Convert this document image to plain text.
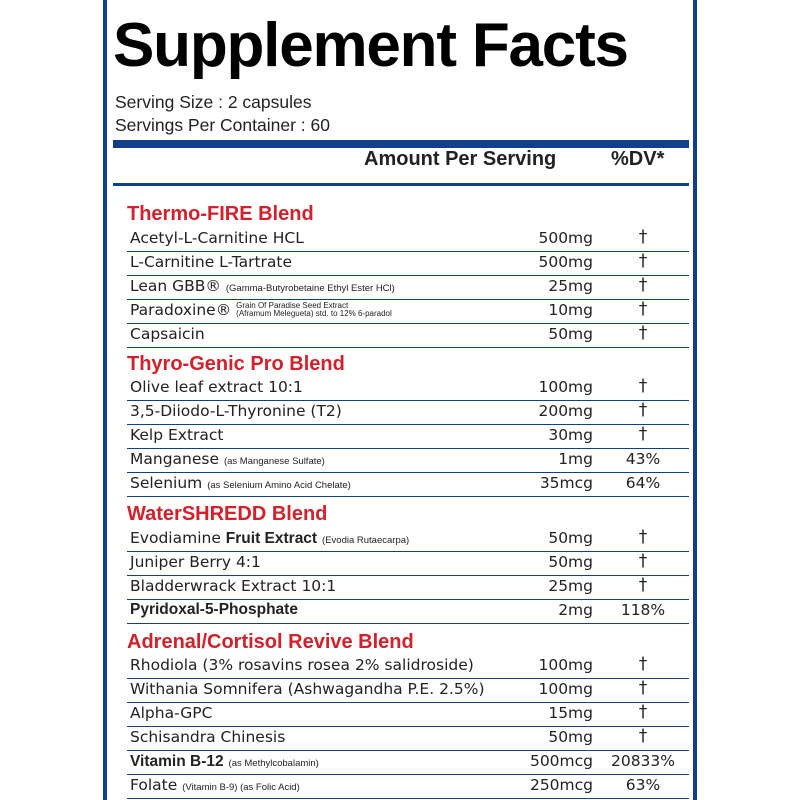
Supplement Facts
Serving Size : 2 capsules
Servings Per Container : 60
Amount Per Serving	%DV*
Thermo-FIRE Blend
Acetyl-L-Carnitine HCL	500mg	†
L-Carnitine L-Tartrate	500mg	†
Lean GBB® (Gamma-Butyrobetaine Ethyl Ester HCl)	25mg	†
Paradoxine® Grain Of Paradise Seed Extract
(Aframum Melegueta) std. to 12% 6-paradol	10mg	†
Capsaicin	50mg	†
Thyro-Genic Pro Blend
Olive leaf extract 10:1	100mg	†
3,5-Diiodo-L-Thyronine (T2)	200mg	†
Kelp Extract	30mg	†
Manganese (as Manganese Sulfate)	1mg	43%
Selenium (as Selenium Amino Acid Chelate)	35mcg	64%
WaterSHREDD Blend
Evodiamine Fruit Extract (Evodia Rutaecarpa)	50mg	†
Juniper Berry 4:1	50mg	†
Bladderwrack Extract 10:1	25mg	†
Pyridoxal-5-Phosphate	2mg	118%
Adrenal/Cortisol Revive Blend
Rhodiola (3% rosavins rosea 2% salidroside)	100mg	†
Withania Somnifera (Ashwagandha P.E. 2.5%)	100mg	†
Alpha-GPC	15mg	†
Schisandra Chinesis	50mg	†
Vitamin B-12 (as Methylcobalamin)	500mcg	20833%
Folate (Vitamin B-9) (as Folic Acid)	250mcg	63%
